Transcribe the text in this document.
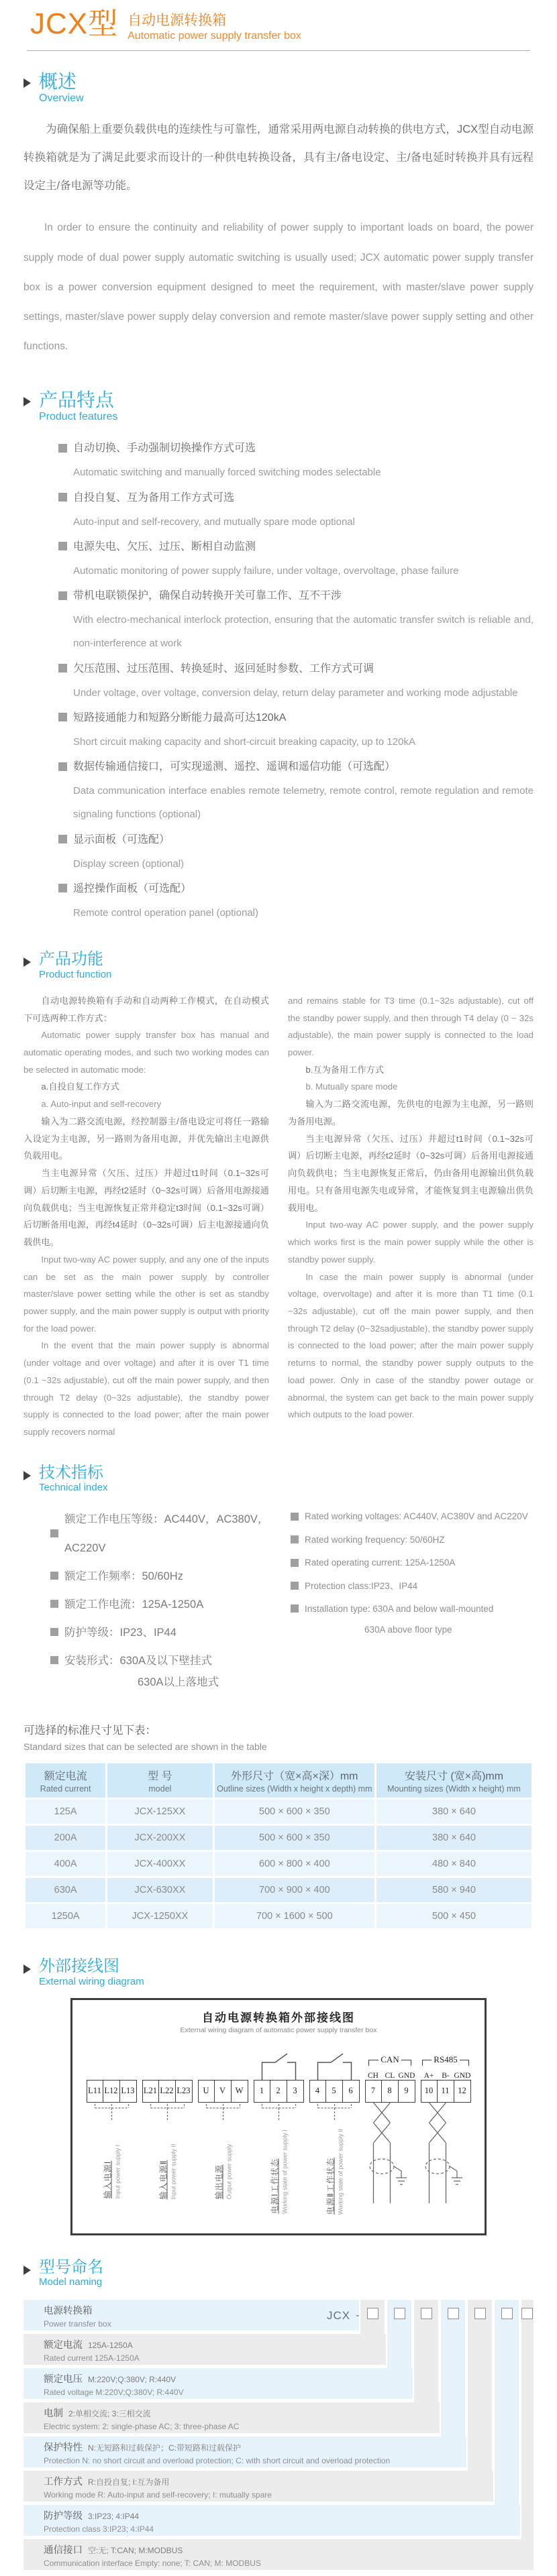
JCX型 自动电源转换箱
Automatic power supply transfer box
概述
Overview

为确保船上重要负载供电的连续性与可靠性，通常采用两电源自动转换的供电方式，JCX型自动电源转换箱就是为了满足此要求而设计的一种供电转换设备，具有主/备电设定、主/备电延时转换并具有远程设定主/备电源等功能。

In order to ensure the continuity and reliability of power supply to important loads on board, the power supply mode of dual power supply automatic switching is usually used; JCX automatic power supply transfer box is a power conversion equipment designed to meet the requirement, with master/slave power supply settings, master/slave power supply delay conversion and remote master/slave power supply setting and other functions.

产品特点
Product features
自动切换、手动强制切换操作方式可选
Automatic switching and manually forced switching modes selectable
自投自复、互为备用工作方式可选
Auto-input and self-recovery, and mutually spare mode optional
电源失电、欠压、过压、断相自动监测
Automatic monitoring of power supply failure, under voltage, overvoltage, phase failure
带机电联锁保护，确保自动转换开关可靠工作、互不干涉
With electro-mechanical interlock protection, ensuring that the automatic transfer switch is reliable and, non-interference at work
欠压范围、过压范围、转换延时、返回延时参数、工作方式可调
Under voltage, over voltage, conversion delay, return delay parameter and working mode adjustable
短路接通能力和短路分断能力最高可达120kA
Short circuit making capacity and short-circuit breaking capacity, up to 120kA
数据传输通信接口，可实现遥测、遥控、遥调和遥信功能（可选配）
Data communication interface enables remote telemetry, remote control, remote regulation and remote signaling functions (optional)
显示面板（可选配）
Display screen (optional)
遥控操作面板（可选配）
Remote control operation panel (optional)
产品功能
Product function

自动电源转换箱有手动和自动两种工作模式，在自动模式下可选两种工作方式：

Automatic power supply transfer box has manual and automatic operating modes, and such two working modes can be selected in automatic mode:

a.自投自复工作方式

a. Auto-input and self-recovery

输入为二路交流电源，经控制器主/备电设定可将任一路输入设定为主电源，另一路则为备用电源，并优先输出主电源供负载用电。

当主电源异常（欠压、过压）并超过t1时间（0.1~32s可调）后切断主电源，再经t2延时（0~32s可调）后备用电源接通向负载供电；当主电源恢复正常并稳定t3时间（0.1~32s可调）后切断备用电源，再经t4延时（0~32s可调）后主电源接通向负载供电。

Input two-way AC power supply, and any one of the inputs can be set as the main power supply by controller master/slave power setting while the other is set as standby power supply, and the main power supply is output with priority for the load power.

In the event that the main power supply is abnormal (under voltage and over voltage) and after it is over T1 time (0.1 ~32s adjustable), cut off the main power supply, and then through T2 delay (0~32s adjustable), the standby power supply is connected to the load power; after the main power supply recovers normal

and remains stable for T3 time (0.1~32s adjustable), cut off the standby power supply, and then through T4 delay (0 ~ 32s adjustable), the main power supply is connected to the load power.

b.互为备用工作方式

b. Mutually spare mode

输入为二路交流电源，先供电的电源为主电源，另一路则为备用电源。

当主电源异常（欠压、过压）并超过t1时间（0.1~32s可调）后切断主电源，再经t2延时（0~32s可调）后备用电源接通向负载供电；当主电源恢复正常后，仍由备用电源输出供负载用电。只有备用电源失电或异常，才能恢复到主电源输出供负载用电。

Input two-way AC power supply, and the power supply which works first is the main power supply while the other is standby power supply.

In case the main power supply is abnormal (under voltage, overvoltage) and after it is more than T1 time (0.1 ~32s adjustable), cut off the main power supply, and then through T2 delay (0~32sadjustable), the standby power supply is connected to the load power; after the main power supply returns to normal, the standby power supply outputs to the load power. Only in case of the standby power outage or abnormal, the system can get back to the main power supply which outputs to the load power.

技术指标
Technical index
额定工作电压等级：AC440V，AC380V，AC220V
额定工作频率：50/60Hz
额定工作电流：125A-1250A
防护等级：IP23、IP44
安装形式：630A及以下壁挂式
630A以上落地式
Rated working voltages: AC440V, AC380V and AC220V
Rated working frequency: 50/60HZ
Rated operating current: 125A-1250A
Protection class:IP23、IP44
Installation type: 630A and below wall-mounted
630A above floor type
可选择的标准尺寸见下表：
Standard sizes that can be selected are shown in the table
额定电流
Rated current

型 号
model

外形尺寸（宽×高×深）mm
Outline sizes (Width x height x depth) mm

安装尺寸 (宽×高)mm
Mounting sizes (Width x height) mm

125A	JCX-125XX	500 × 600 × 350	380 × 640
200A	JCX-200XX	500 × 600 × 350	380 × 640
400A	JCX-400XX	600 × 800 × 400	480 × 840
630A	JCX-630XX	700 × 900 × 400	580 × 940
1250A	JCX-1250XX	700 × 1600 × 500	500 × 450
外部接线图
External wiring diagram
自动电源转换箱外部接线图
External wiring diagram of automatic power supply transfer box
L11 L12 L13
输入电源Ⅰ Input power supply I
L21 L22 L23
输入电源Ⅱ Input power supply II
U	V	W
输出电源 Output power supply
1	2	3
电源Ⅰ工作状态 Working state of power supply I
4	5	6
电源Ⅱ工作状态 Working state of power supply II
CAN
CH CL GND
7	8	9
RS485
A+	B- GND
10 11	12
型号命名
Model naming
JCX -
电源转换箱
Power transfer box
额定电流 125A-1250A
Rated current 125A-1250A
额定电压 M:220V;Q:380V; R:440V
Rated voltage M:220V;Q:380V; R:440V
电制 2:单相交流; 3:三相交流
Electric system: 2: single-phase AC; 3: three-phase AC
保护特性 N:无短路和过载保护；C:带短路和过载保护
Protection N: no short circuit and overload protection; C: with short circuit and overload protection
工作方式 R:自投自复; I:互为备用
Working mode R: Auto-input and self-recovery; I: mutually spare
防护等级 3:IP23; 4:IP44
Protection class 3:IP23; 4:IP44
通信接口 空:无; T:CAN; M:MODBUS
Communication interface Empty: none; T: CAN; M: MODBUS
